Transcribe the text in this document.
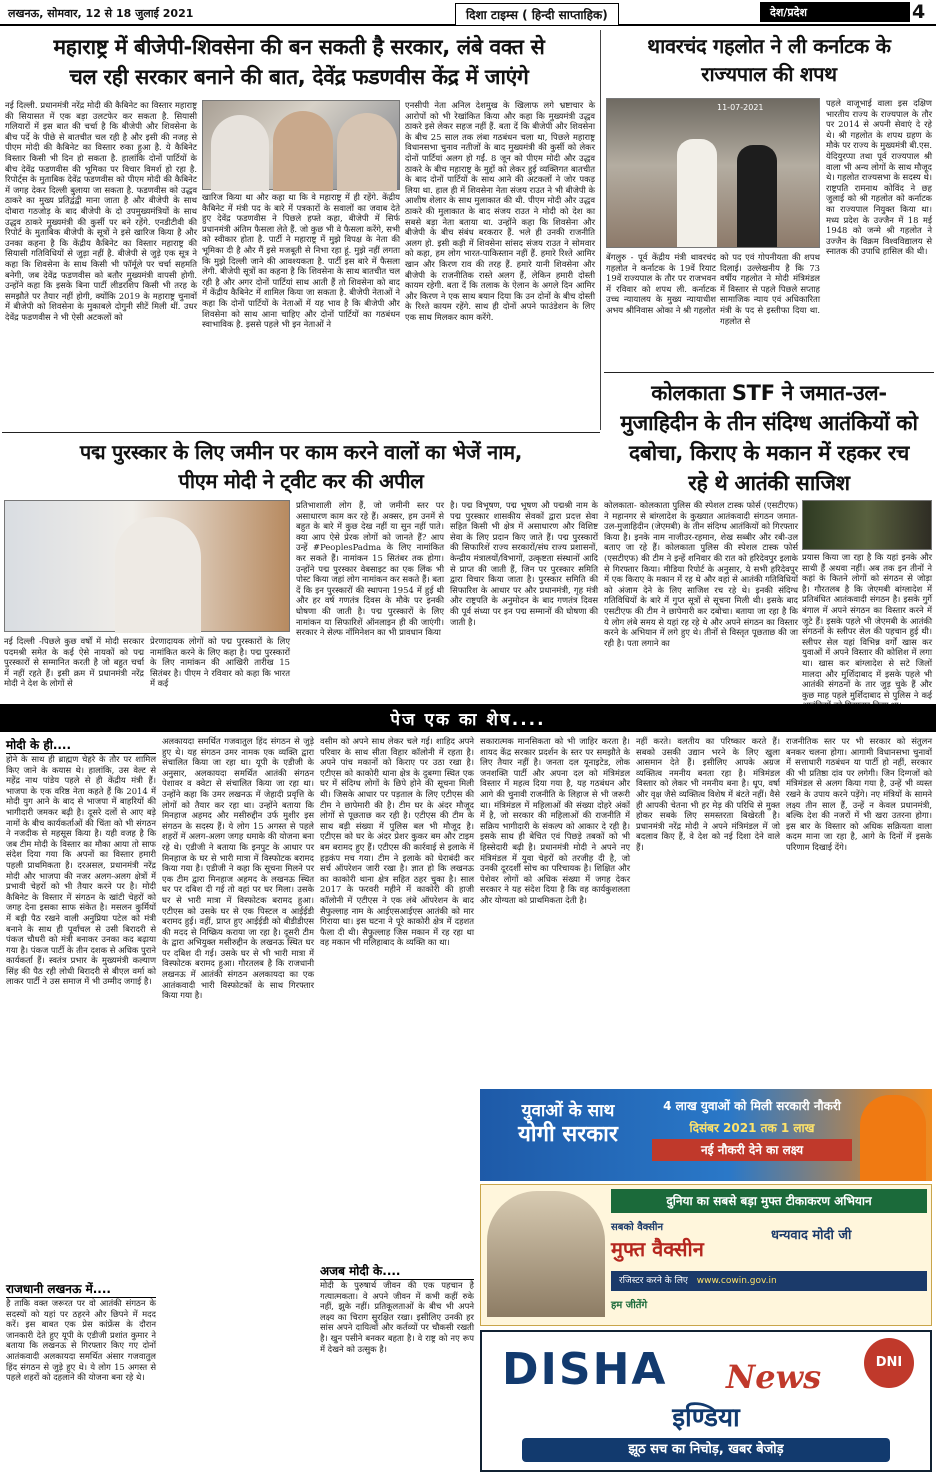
लखनऊ, सोमवार, 12 से 18 जुलाई 2021	दिशा टाइम्स ( हिन्दी साप्ताहिक)	देश/प्रदेश	4
महाराष्ट्र में बीजेपी-शिवसेना की बन सकती है सरकार, लंबे वक्त से
चल रही सरकार बनाने की बात, देवेंद्र फडणवीस केंद्र में जाएंगे
नई दिल्ली. प्रधानमंत्री नरेंद्र मोदी की कैबिनेट का विस्तार महाराष्ट्र की सियासत में एक बड़ा उलटफेर कर सकता है. सियासी गलियारों में इस बात की चर्चा है कि बीजेपी और शिवसेना के बीच पर्दे के पीछे से बातचीत चल रही है और इसी की नजह से पीएम मोदी की कैबिनेट का विस्तार रुका हुआ है. ये कैबिनेट विस्तार किसी भी दिन हो सकता है. हालांकि दोनों पार्टियों के बीच देवेंद्र फडणवीस की भूमिका पर विचार विमर्श हो रहा है. रिपोर्ट्स के मुताबिक देवेंद्र फडणवीस को पीएम मोदी की कैबिनेट में जगह देकर दिल्ली बुलाया जा सकता है. फडणवीस को उद्धव ठाकरे का मुख्य प्रतिद्वंद्वी माना जाता है और बीजेपी के साथ दोबारा गठजोड़ के बाद बीजेपी के दो उपमुख्यमंत्रियों के साथ उद्धव ठाकरे मुख्यमंत्री की कुर्सी पर बने रहेंगे. एनडीटीवी की रिपोर्ट के मुताबिक बीजेपी के सूत्रों ने इसे खारिज किया है और उनका कहना है कि केंद्रीय कैबिनेट का विस्तार महाराष्ट्र की सियासी गतिविधियों से जुड़ा नहीं है. बीजेपी से जुड़े एक सूत्र ने कहा कि शिवसेना के साथ किसी भी फॉर्मूले पर चर्चा सहमति बनेगी, जब देवेंद्र फडणवीस को बतौर मुख्यमंत्री वापसी होगी. उन्होंने कहा कि इसके बिना पार्टी लीडरशिप किसी भी तरह के समझौते पर तैयार नहीं होगी, क्योंकि 2019 के महाराष्ट्र चुनावों में बीजेपी को शिवसेना के मुकाबले दोगुनी सीटें मिली थीं. उधर देवेंद्र फडणवीस ने भी ऐसी अटकलों को
खारिज किया था और कहा था कि वे महाराष्ट्र में ही रहेंगे. केंद्रीय कैबिनेट में मंत्री पद के बारे में पत्रकारों के सवालों का जवाब देते हुए देवेंद्र फडणवीस ने पिछले हफ्ते कहा, बीजेपी में सिर्फ प्रधानमंत्री अंतिम फैसला लेते हैं. जो कुछ भी वे फैसला करेंगे, सभी को स्वीकार होता है. पार्टी ने महाराष्ट्र में मुझे विपक्ष के नेता की भूमिका दी है और मैं इसे मजबूती से निभा रहा हूं. मुझे नहीं लगता कि मुझे दिल्ली जाने की आवश्यकता है. पार्टी इस बारे में फैसला लेगी. बीजेपी सूत्रों का कहना है कि शिवसेना के साथ बातचीत चल रही है और अगर दोनों पार्टियां साथ आती हैं तो शिवसेना को बाद में केंद्रीय कैबिनेट में शामिल किया जा सकता है. बीजेपी नेताओं ने कहा कि दोनों पार्टियों के नेताओं में यह भाव है कि बीजेपी और शिवसेना को साथ आना चाहिए और दोनों पार्टियों का गठबंधन स्वाभाविक है. इससे पहले भी इन नेताओं ने
एनसीपी नेता अनिल देशमुख के खिलाफ लगे भ्रष्टाचार के आरोपों को भी रेखांकित किया और कहा कि मुख्यमंत्री उद्धव ठाकरे इसे लेकर सहज नहीं हैं. बता दें कि बीजेपी और शिवसेना के बीच 25 साल तक लंबा गठबंधन चला था, पिछले महाराष्ट्र विधानसभा चुनाव नतीजों के बाद मुख्यमंत्री की कुर्सी को लेकर दोनों पार्टियां अलग हो गईं. 8 जून को पीएम मोदी और उद्धव ठाकरे के बीच महाराष्ट्र के मुद्दों को लेकर हुई व्यक्तिगत बातचीत के बाद दोनों पार्टियों के साथ आने की अटकलों ने जोर पकड़ लिया था. हाल ही में शिवसेना नेता संजय राउत ने भी बीजेपी के आशीष शेलार के साथ मुलाकात की थी. पीएम मोदी और उद्धव ठाकरे की मुलाकात के बाद संजय राउत ने मोदी को देश का सबसे बड़ा नेता बताया था. उन्होंने कहा कि शिवसेना और बीजेपी के बीच संबंध बरकरार हैं. भले ही उनकी राजनीति अलग हो. इसी कड़ी में शिवसेना सांसद संजय राउत ने सोमवार को कहा, हम लोग भारत-पाकिस्तान नहीं हैं. हमारे रिश्ते आमिर खान और किरण राव की तरह हैं. हमारे यानी शिवसेना और बीजेपी के राजनीतिक रास्ते अलग हैं, लेकिन हमारी दोस्ती कायम रहेगी. बता दें कि तलाक के ऐलान के अगले दिन आमिर और किरण ने एक साथ बयान दिया कि उन दोनों के बीच दोस्ती के रिश्ते कायम रहेंगे. साथ ही दोनों अपने फाउंडेशन के लिए एक साथ मिलकर काम करेंगे.
थावरचंद गहलोत ने ली कर्नाटक के
राज्यपाल की शपथ
11-07-2021
बेंगलुरु - पूर्व केंद्रीय मंत्री थावरचंद गहलोत ने कर्नाटक के 19वें रियाट 19वें राज्यपाल के तौर पर राजभवन में रविवार को शपथ ली. कर्नाटक उच्च न्यायालय के मुख्य न्यायाधीश अभय श्रीनिवास ओका ने श्री गहलोत
को पद एवं गोपनीयता की शपथ दिलाई। उल्लेखनीय है कि 73 वर्षीय गहलोत ने मोदी मंत्रिमंडल में विस्तार से पहले पिछले सप्ताह सामाजिक न्याय एवं अधिकारिता मंत्री के पद से इस्तीफा दिया था. गहलोत से
पहले वाजूभाई वाला इस दक्षिण भारतीय राज्य के राज्यपाल के तौर पर 2014 से अपनी सेवाएं दे रहे थे। श्री गहलोत के शपथ ग्रहण के मौके पर राज्य के मुख्यमंत्री बी.एस. येदियुरप्पा तथा पूर्व राज्यपाल श्री वाला भी अन्य लोगों के साथ मौजूद थे। गहलोत राज्यसभा के सदस्य थे। राष्ट्रपति रामनाथ कोविंद ने छह जुलाई को श्री गहलोत को कर्नाटक का राज्यपाल नियुक्त किया था। मध्य प्रदेश के उज्जैन में 18 मई 1948 को जन्मे श्री गहलोत ने उज्जैन के विक्रम विश्वविद्यालय से स्नातक की उपाधि हासिल की थी।
कोलकाता STF ने जमात-उल-
मुजाहिदीन के तीन संदिग्ध आतंकियों को
दबोचा, किराए के मकान में रहकर रच
रहे थे आतंकी साजिश
कोलकाता- कोलकाता पुलिस की स्पेशल टास्क फोर्स (एसटीएफ) ने महानगर से बांग्लादेश के कुख्यात आतंकवादी संगठन जमात-उल-मुजाहिदीन (जेएमबी) के तीन संदिग्ध आतंकियों को गिरफ्तार किया है। इनके नाम नाजीउर-रहमान, शेख सब्बीर और रबी-उल बताए जा रहे हैं। कोलकाता पुलिस की स्पेशल टास्क फोर्स (एसटीएफ) की टीम ने इन्हें शनिवार की रात को हरिदेवपुर इलाके से गिरफ्तार किया। मीडिया रिपोर्ट के अनुसार, ये सभी हरिदेवपुर में एक किराए के मकान में रह थे और वहां से आतंकी गतिविधियों को अंजाम देने के लिए साजिश रच रहे थे। इनकी संदिग्ध गतिविधियों के बारे में गुप्त सूत्रों से सूचना मिली थी। इसके बाद एसटीएफ की टीम ने छापेमारी कर दबोचा। बताया जा रहा है कि ये लोग लंबे समय से यहां रह रहे थे और अपने संगठन का विस्तार करने के अभियान में लगे हुए थे। तीनों से विस्तृत पूछताछ की जा रही है। पता लगाने का
प्रयास किया जा रहा है कि यहां इनके और साथी हैं अथवा नहीं। अब तक इन तीनों ने कहां के कितने लोगों को संगठन से जोड़ा है। गौरतलब है कि जेएमबी बांग्लादेश में प्रतिबंधित आतंकवादी संगठन है। इसके गुर्गे बंगाल में अपने संगठन का विस्तार करने में जुटे हैं। इसके पहले भी जेएमबी के आतंकी संगठनों के स्लीपर सेल की पहचान हुई थी। स्लीपर सेल यहां विभिन्न वर्गों खास कर युवाओं में अपने विस्तार की कोशिश में लगा था। खास कर बांग्लादेश से सटे जिलों मालदा और मुर्शिदाबाद में इसके पहले भी आतंकी संगठनों के तार जुड़ चुके हैं और कुछ माह पहले मुर्शिदाबाद से पुलिस ने कई
पद्म पुरस्कार के लिए जमीन पर काम करने वालों का भेजें नाम,
पीएम मोदी ने ट्वीट कर की अपील
नई दिल्ली -पिछले कुछ वर्षों में मोदी सरकार पदमश्री समेत के कई ऐसे नायकों को पद्म पुरस्कारों से सम्मानित करती है जो बहुत चर्चा में नहीं रहते हैं। इसी क्रम में प्रधानमंत्री नरेंद्र मोदी ने देश के लोगों से
प्रेरणादायक लोगों को पद्म पुरस्कारों के लिए नामांकित करने के लिए कहा है। पद्म पुरस्कारों के लिए नामांकन की आखिरी तारीख 15 सितंबर है। पीएम ने रविवार को कहा कि भारत में कई
प्रतिभाशाली लोग हैं, जो जमीनी स्तर पर असाधारण काम कर रहे हैं। अक्सर, हम उनमें से बहुत के बारे में कुछ देख नहीं या सुन नहीं पाते। क्या आप ऐसे प्रेरक लोगों को जानते हैं? आप उन्हें #PeoplesPadma के लिए नामांकित कर सकते हैं। नामांकन 15 सितंबर तक होगा। उन्होंने पद्म पुरस्कार वेबसाइट का एक लिंक भी पोस्ट किया जहां लोग नामांकन कर सकते हैं। बता दें कि इन पुरस्कारों की स्थापना 1954 में हुई थी और हर वर्ष गणतंत्र दिवस के मौके पर इनकी घोषणा की जाती है। पद्म पुरस्कारों के लिए नामांकन या सिफारिशें ऑनलाइन ही की जाएंगी। सरकार ने सेल्फ नॉमिनेशन का भी प्रावधान किया
है। पद्म विभूषण, पद्म भूषण औ पद्मश्री नाम के पद्म पुरस्कार शासकीय सेवकों द्वारा प्रदत्त सेवा सहित किसी भी क्षेत्र में असाधारण और विशिष्ट सेवा के लिए प्रदान किए जाते हैं। पद्म पुरस्कारों की सिफारिशें राज्य सरकारों/संघ राज्य प्रशासनों, केन्द्रीय मंत्रालयों/विभागों, उत्कृष्टता संस्थानों आदि से प्राप्त की जाती हैं, जिन पर पुरस्कार समिति द्वारा विचार किया जाता है। पुरस्कार समिति की सिफारिश के आधार पर और प्रधानमंत्री, गृह मंत्री और राष्ट्रपति के अनुमोदन के बाद गणतंत्र दिवस की पूर्व संध्या पर इन पद्म सम्मानों की घोषणा की जाती है।
पेज एक का शेष....
मोदी के ही....
होने के साथ ही ब्राह्मण चेहरे के तौर पर शामिल किए जाने के कयास थे। हालांकि, उस वेल्ट से महेंद्र नाथ पांडेय पहले से ही केंद्रीय मंत्री हैं। भाजपा के एक वरिष्ठ नेता कहते हैं कि 2014 में मोदी युग आने के बाद से भाजपा में बाहरियों की भागीदारी जमकर बढ़ी है। दूसरे दलों से आए बड़े नामों के बीच कार्यकर्ताओं की चिंता को भी संगठन ने नजदीक से महसूस किया है। यही वजह है कि जब टीम मोदी के विस्तार का मौका आया तो साफ संदेश दिया गया कि अपनों का विस्तार हमारी पहली प्राथमिकता है। दरअसल, प्रधानमंत्री नरेंद्र मोदी और भाजपा की नजर अलग-अलग क्षेत्रों में प्रभावी चेहरों को भी तैयार करने पर है। मोदी कैबिनेट के विस्तार में संगठन के खांटी चेहरों को जगह देना इसका साफ संकेत है। मसलन कुर्मियों में बड़ी पैठ रखने वाली अनुप्रिया पटेल को मंत्री बनाने के साथ ही पूर्वांचल से उसी बिरादरी से पंकज चौधरी को मंत्री बनाकर उनका कद बढ़ाया गया है। पंकज पार्टी के तीन दशक से अधिक पुराने कार्यकर्ता हैं। स्वतंत्र प्रभार के मुख्यमंत्री कल्याण सिंह की पैठ रही लोधी बिरादरी से बीएल वर्मा को लाकर पार्टी ने उस समाज में भी उम्मीद जगाई है।
राजधानी लखनऊ में....
है ताकि वक्त जरूरत पर वो आतंकी संगठन के सदस्यों को यहां पर ठहरने और छिपने में मदद करें। इस बाबत एक प्रेस कांफ्रेंस के दौरान जानकारी देते हुए यूपी के एडीजी प्रशांत कुमार ने बताया कि लखनऊ से गिरफ्तार किए गए दोनों आतंकवादी अलकायदा समर्थित अंसार गजवातुल हिंद संगठन से जुड़े हुए थे। ये लोग 15 अगस्त से पहले शहरों को दहलाने की योजना बना रहे थे।
अलकायदा समर्थित गजवातुल हिंद संगठन से जुड़े हुए थे। यह संगठन उमर नामक एक व्यक्ति द्वारा संचालित किया जा रहा था। यूपी के एडीजी के अनुसार, अलकायदा समर्थित आतंकी संगठन पेशावर व क्वेटा से संचालित किया जा रहा था। उन्होंने कहा कि उमर लखनऊ में जेहादी प्रवृत्ति के लोगों को तैयार कर रहा था। उन्होंने बताया कि मिनहाज अहमद और मसीरुद्दीन उर्फ मुशीर इस संगठन के सदस्य हैं। ये लोग 15 अगस्त से पहले शहरों में अलग-अलग जगह धमाके की योजना बना रहे थे। एडीजी ने बताया कि इनपुट के आधार पर मिनहाज के घर से भारी मात्रा में विस्फोटक बरामद किया गया है। एडीजी ने कहा कि सूचना मिलने पर एक टीम द्वारा मिनहाज अहमद के लखनऊ स्थित घर पर दबिश दी गई तो वहां पर घर मिला। उसके घर से भारी मात्रा में विस्फोटक बरामद हुआ। एटीएस को उसके घर से एक पिस्टल व आईईडी बरामद हुई। वहीं, प्राप्त हुए आईईडी को बीडीडीएस की मदद से निष्क्रिय कराया जा रहा है। दूसरी टीम के द्वारा अभियुक्त मसीरुद्दीन के लखनऊ स्थित घर पर दबिश दी गई। उसके घर से भी भारी मात्रा में विस्फोटक बरामद हुआ। गौरतलब है कि राजधानी लखनऊ में आतंकी संगठन अलकायदा का एक आतंकवादी भारी विस्फोटकों के साथ गिरफ्तार किया गया है।
वसीम को अपने साथ लेकर चले गई। शाहिद अपने परिवार के साथ सीता विहार कॉलोनी में रहता है। अपने पांच मकानों को किराए पर उठा रखा है। एटीएस को काकोरी थाना क्षेत्र के दुबग्गा स्थित एक घर में संदिग्ध लोगों के छिपे होने की सूचना मिली थी। जिसके आधार पर पड़ताल के लिए एटीएस की टीम ने छापेमारी की है। टीम घर के अंदर मौजूद लोगों से पूछताछ कर रही है। एटीएस की टीम के साथ बड़ी संख्या में पुलिस बल भी मौजूद है। एटीएस को घर के अंदर प्रेशर कुकर बम और टाइम बम बरामद हुए हैं। एटीएस की कार्रवाई से इलाके में हड़कंप मच गया। टीम ने इलाके को घेराबंदी कर सर्च ऑपरेशन जारी रखा है। ज्ञात हो कि लखनऊ का काकोरी थाना क्षेत्र सहित ठहर चुका है। साल 2017 के फरवरी महीने में काकोरी की हाजी कॉलोनी में एटीएस ने एक लंबे ऑपरेशन के बाद सैफुल्लाह नाम के आईएसआईएस आतंकी को मार गिराया था। इस घटना ने पूरे काकोरी क्षेत्र में दहशत फैला दी थी। सैफुल्लाह जिस मकान में रह रहा था वह मकान भी मलिहाबाद के व्यक्ति का था।
अजब मोदी के....
मोदी के पुरुषार्थ जीवन की एक पहचान है गत्यात्मकता। वे अपने जीवन में कभी कहीं रुके नहीं, झुके नहीं। प्रतिकूलताओं के बीच भी अपने लक्ष्य का चिराग सुरक्षित रखा। इसीलिए उनकी हर सांस अपने दायित्वों और कर्तव्यों पर चौकसी रखती है। खुन पसीने बनकर बहता है। वे राष्ट्र को नए रूप में देखने को उत्सुक है।
सकारात्मक मानसिकता को भी जाहिर करता है। शायद केंद्र सरकार प्रदर्शन के स्तर पर समझौते के लिए तैयार नहीं है। जनता दल यूनाइटेड, लोक जनशक्ति पार्टी और अपना दल को मंत्रिमंडल विस्तार में महत्व दिया गया है, यह गठबंधन और आगे की चुनावी राजनीति के लिहाज से भी जरूरी था। मंत्रिमंडल में महिलाओं की संख्या दोहरे अंकों में है, जो सरकार की महिलाओं की राजनीति में सक्रिय भागीदारी के संकल्प को आकार दे रही है। इसके साथ ही बेचित एवं पिछड़े तबकों को भी हिस्सेदारी बढ़ी है। प्रधानमंत्री मोदी ने अपने नए मंत्रिमंडल में युवा चेहरों को तरजीह दी है, जो उनकी दूरदर्शी सोच का परिचायक है। शिक्षित और पेशेवर लोगों को अधिक संख्या में जगह देकर सरकार ने यह संदेश दिया है कि वह कार्यकुशलता और योग्यता को प्राथमिकता देती है।
नहीं करते। वलतीय का परिष्कार करते हैं। सबको उसकी उद्यान भरने के लिए खुला आसमान देते हैं। इसीलिए आपके अग्रज व्यक्तित्व नमनीय बनता रहा है। मंत्रिमंडल विस्तार को लेकर भी नमनीय बना है। धूप, वर्षा और वृक्ष जैसे व्यक्तित्व विशेष में बंटते नहीं। वैसे ही आपकी चेतना भी हर मेड़ की परिधि से मुक्त होकर सबके लिए समस्तरता बिखेरती है। प्रधानमंत्री नरेंद्र मोदी ने अपने मंत्रिमंडल में जो बदलाव किए हैं, वे देश को नई दिशा देने वाले हैं।
राजनीतिक स्तर पर भी सरकार को संतुलन बनकर चलना होगा। आगामी विधानसभा चुनावों में सत्ताधारी गठबंधन या पार्टी हो नहीं, सरकार की भी प्रतिष्ठा दांव पर लगेगी। जिन दिग्गजों को मंत्रिमंडल से अलग किया गया है, उन्हें भी व्यस्त रखने के उपाय करने पड़ेंगे। नए मंत्रियों के सामने लक्ष्य तीन साल हैं, उन्हें न केवल प्रधानमंत्री, बल्कि देश की नजरों में भी खरा उतरना होगा। इस बार के विस्तार को अधिक सक्रियता वाला कदम माना जा रहा है, आगे के दिनों में इसके परिणाम दिखाई देंगे।
युवाओं के साथ
योगी सरकार
4 लाख युवाओं को मिली सरकारी नौकरी
दिसंबर 2021 तक 1 लाख
नई नौकरी देने का लक्ष्य
दुनिया का सबसे बड़ा मुफ्त टीकाकरण अभियान
सबको वैक्सीन
मुफ्त वैक्सीन
धन्यवाद मोदी जी
रजिस्टर करने के लिए www.cowin.gov.in
हम जीतेंगे
DISHA News	DNI
इण्डिया
झूठ सच का निचोड़, खबर बेजोड़
